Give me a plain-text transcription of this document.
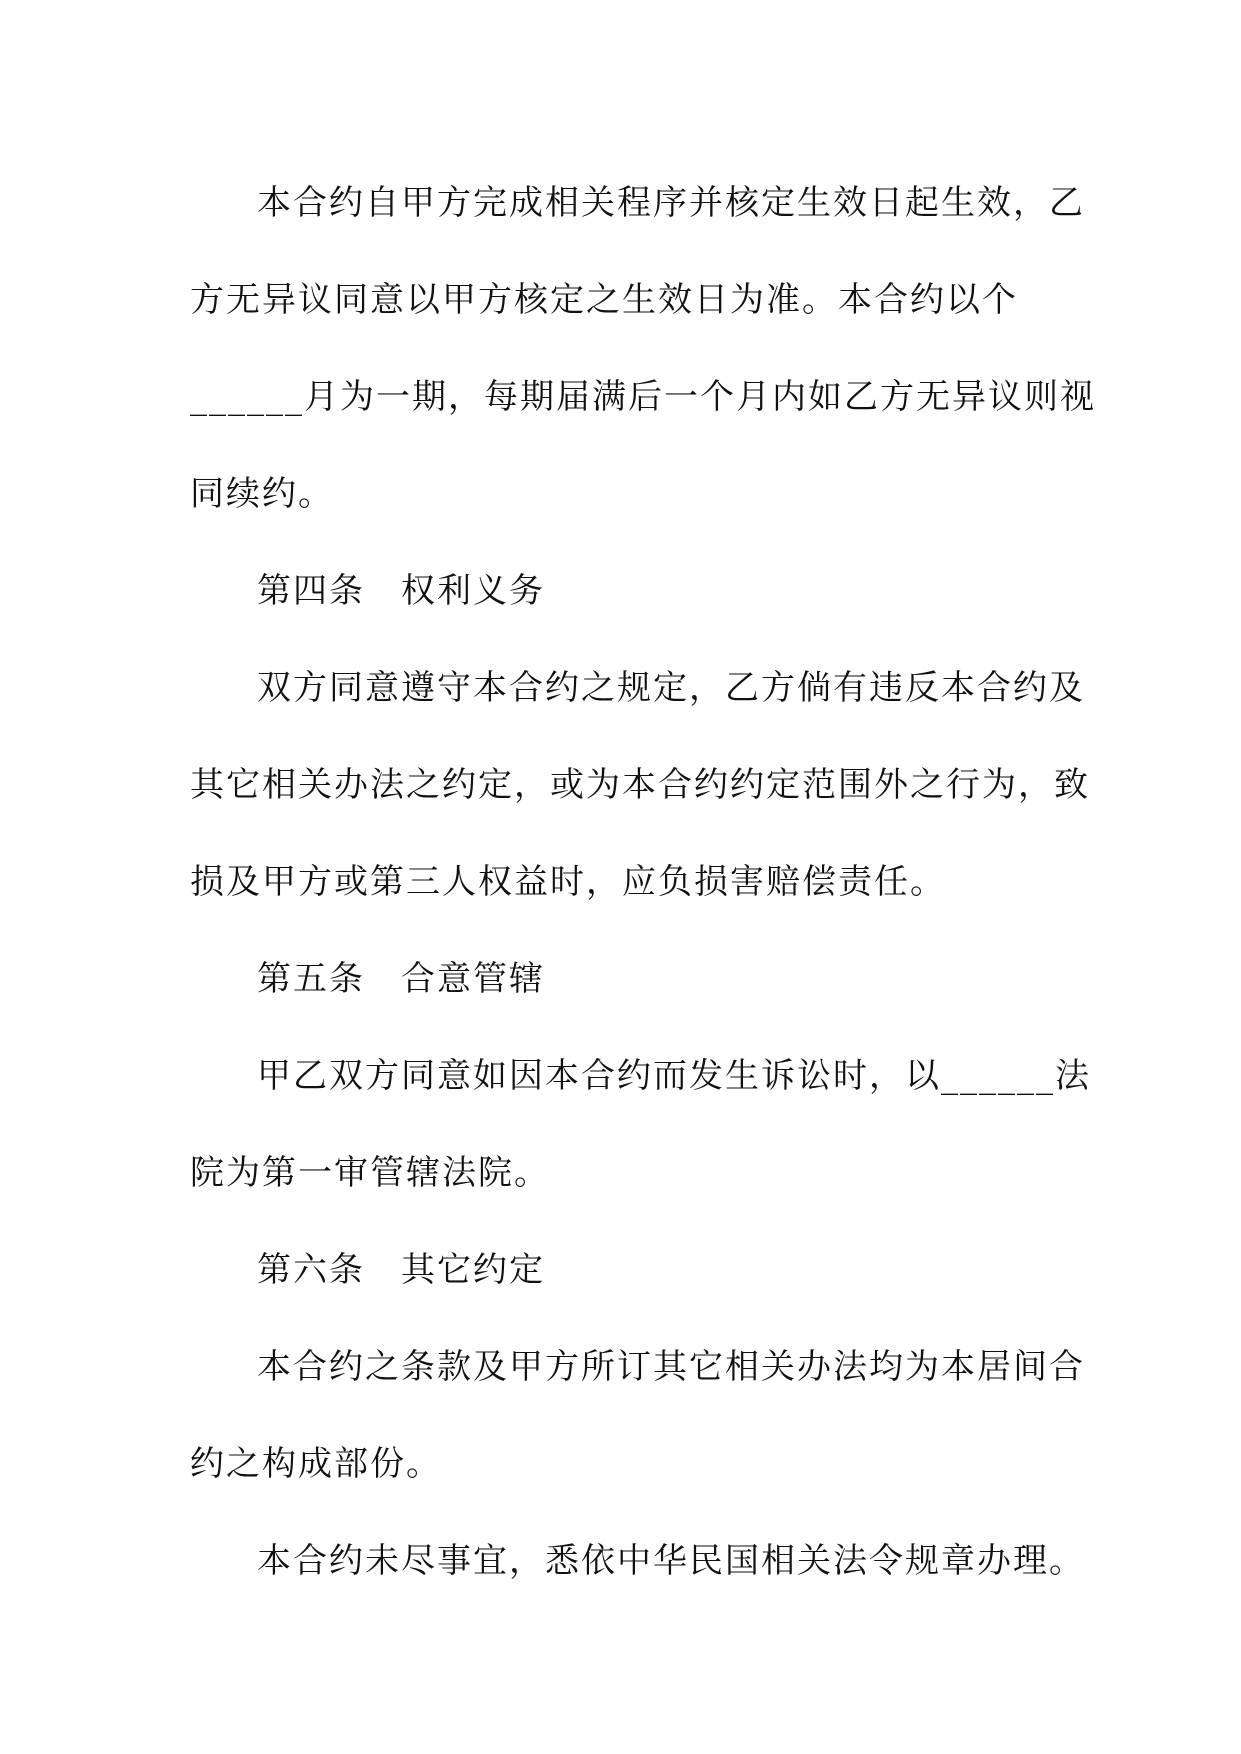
本合约自甲方完成相关程序并核定生效日起生效，乙
方无异议同意以甲方核定之生效日为准。本合约以个
______月为一期，每期届满后一个月内如乙方无异议则视
同续约。
第四条　权利义务
双方同意遵守本合约之规定，乙方倘有违反本合约及
其它相关办法之约定，或为本合约约定范围外之行为，致
损及甲方或第三人权益时，应负损害赔偿责任。
第五条　合意管辖
甲乙双方同意如因本合约而发生诉讼时，以______法
院为第一审管辖法院。
第六条　其它约定
本合约之条款及甲方所订其它相关办法均为本居间合
约之构成部份。
本合约未尽事宜，悉依中华民国相关法令规章办理。
